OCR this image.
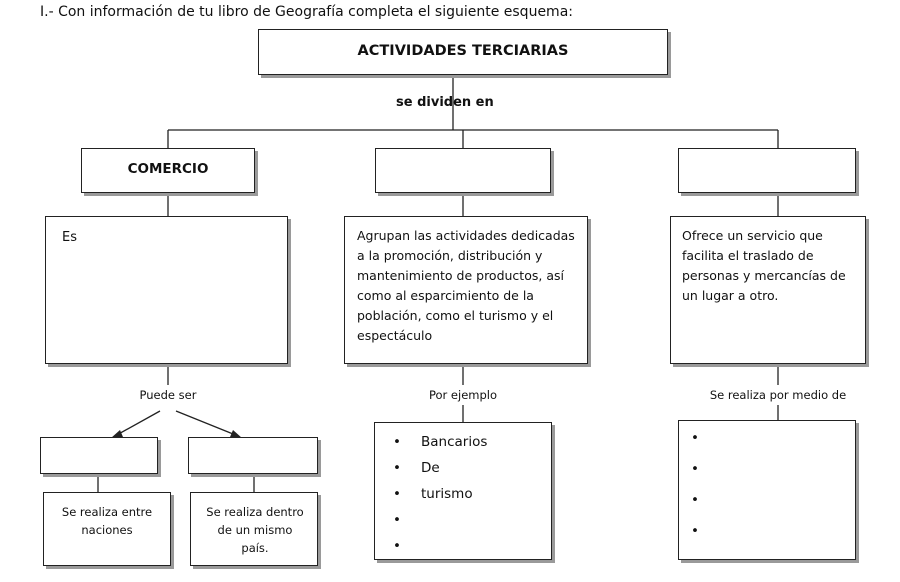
I.- Con información de tu libro de Geografía completa el siguiente esquema:
ACTIVIDADES TERCIARIAS
se dividen en
COMERCIO
Es	Agrupan las actividades dedicadas a la promoción, distribución y mantenimiento de productos, así como al esparcimiento de la población, como el turismo y el espectáculo
Ofrece un servicio que facilita el traslado de personas y mercancías de un lugar a otro.
Puede ser	Por ejemplo	Se realiza por medio de
Se realiza entre naciones
Se realiza dentro de un mismo país.
• Bancarios
• De turismo
•
•
•
•
•
•
•
